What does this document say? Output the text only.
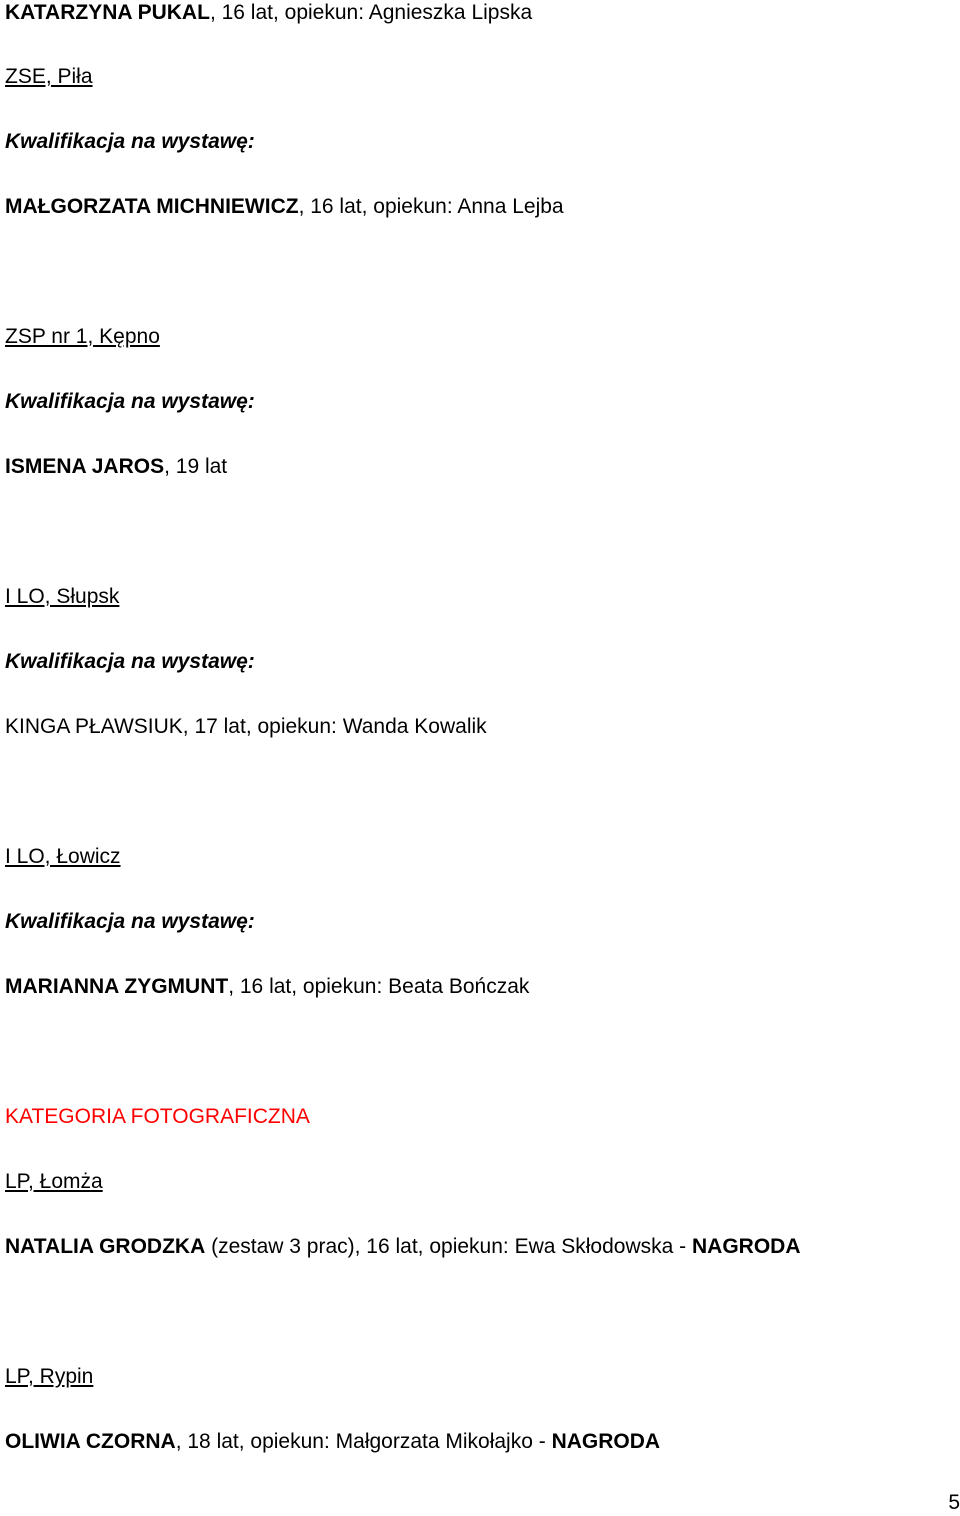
KATARZYNA PUKAL, 16 lat, opiekun: Agnieszka Lipska
ZSE, Piła
Kwalifikacja na wystawę:
MAŁGORZATA MICHNIEWICZ, 16 lat, opiekun: Anna Lejba
ZSP nr 1, Kępno
Kwalifikacja na wystawę:
ISMENA JAROS, 19 lat
I LO, Słupsk
Kwalifikacja na wystawę:
KINGA PŁAWSIUK, 17 lat, opiekun: Wanda Kowalik
I LO, Łowicz
Kwalifikacja na wystawę:
MARIANNA ZYGMUNT, 16 lat, opiekun: Beata Bończak
KATEGORIA FOTOGRAFICZNA
LP, Łomża
NATALIA GRODZKA (zestaw 3 prac), 16 lat, opiekun: Ewa Skłodowska - NAGRODA
LP, Rypin
OLIWIA CZORNA, 18 lat, opiekun: Małgorzata Mikołajko - NAGRODA
5
